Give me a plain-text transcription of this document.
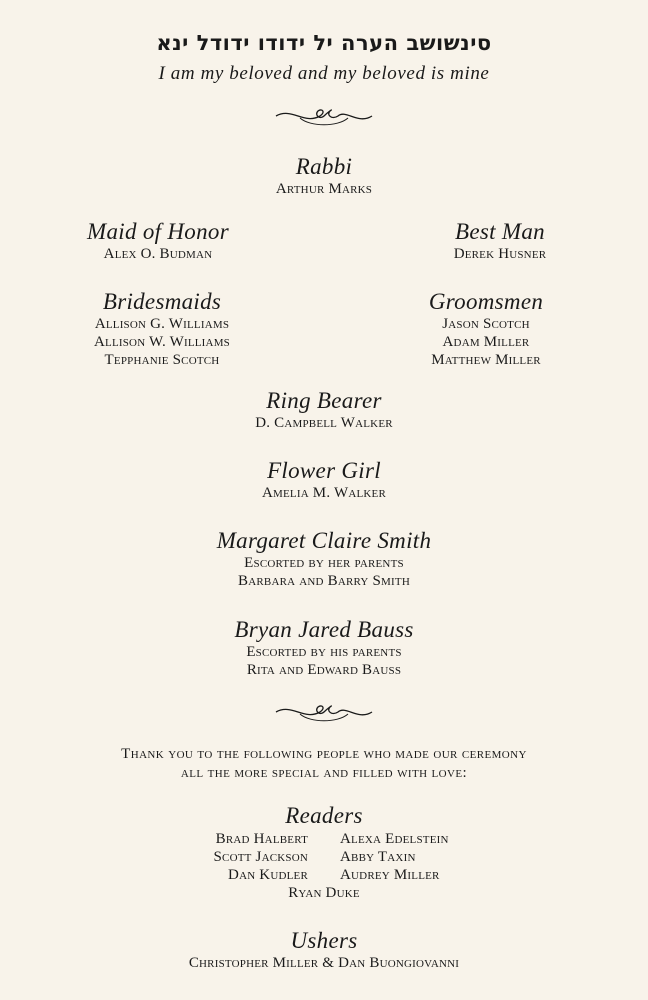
סינשושב הערה יל ידודו ידודל ינא
I am my beloved and my beloved is mine
Rabbi
Arthur Marks
Maid of Honor
Alex O. Budman
Best Man
Derek Husner
Bridesmaids
Allison G. Williams
Allison W. Williams
Tepphanie Scotch
Groomsmen
Jason Scotch
Adam Miller
Matthew Miller
Ring Bearer
D. Campbell Walker
Flower Girl
Amelia M. Walker
Margaret Claire Smith
Escorted by her parents
Barbara and Barry Smith
Bryan Jared Bauss
Escorted by his parents
Rita and Edward Bauss
Thank you to the following people who made our ceremony
all the more special and filled with love:
Readers
Brad Halbert
Scott Jackson
Dan Kudler
Alexa Edelstein
Abby Taxin
Audrey Miller
Ryan Duke
Ushers
Christopher Miller & Dan Buongiovanni
